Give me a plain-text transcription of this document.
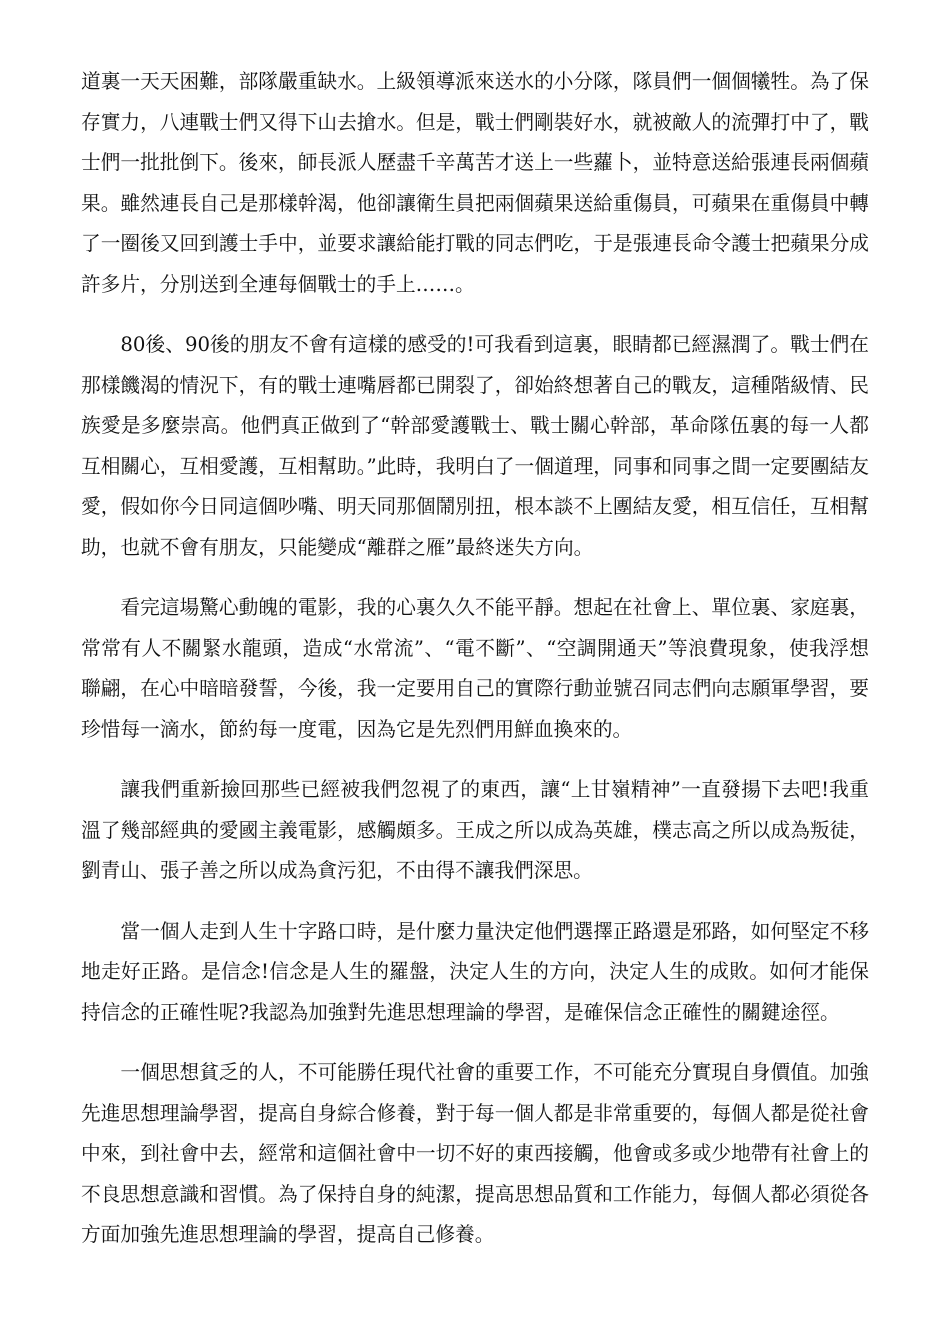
道裏一天天困難，部隊嚴重缺水。上級領導派來送水的小分隊，隊員們一個個犧牲。為了保存實力，八連戰士們又得下山去搶水。但是，戰士們剛裝好水，就被敵人的流彈打中了，戰士們一批批倒下。後來，師長派人歷盡千辛萬苦才送上一些蘿卜，並特意送給張連長兩個蘋果。雖然連長自己是那樣幹渴，他卻讓衛生員把兩個蘋果送給重傷員，可蘋果在重傷員中轉了一圈後又回到護士手中，並要求讓給能打戰的同志們吃，于是張連長命令護士把蘋果分成許多片，分別送到全連每個戰士的手上……。

80後、90後的朋友不會有這樣的感受的!可我看到這裏，眼睛都已經濕潤了。戰士們在那樣饑渴的情況下，有的戰士連嘴唇都已開裂了，卻始終想著自己的戰友，這種階級情、民族愛是多麼崇高。他們真正做到了“幹部愛護戰士、戰士關心幹部，革命隊伍裏的每一人都互相關心，互相愛護，互相幫助。”此時，我明白了一個道理，同事和同事之間一定要團結友愛，假如你今日同這個吵嘴、明天同那個鬧別扭，根本談不上團結友愛，相互信任，互相幫助，也就不會有朋友，只能變成“離群之雁”最終迷失方向。

看完這場驚心動魄的電影，我的心裏久久不能平靜。想起在社會上、單位裏、家庭裏，常常有人不關緊水龍頭，造成“水常流”、“電不斷”、“空調開通天”等浪費現象，使我浮想聯翩，在心中暗暗發誓，今後，我一定要用自己的實際行動並號召同志們向志願軍學習，要珍惜每一滴水，節約每一度電，因為它是先烈們用鮮血換來的。

讓我們重新撿回那些已經被我們忽視了的東西，讓“上甘嶺精神”一直發揚下去吧!我重溫了幾部經典的愛國主義電影，感觸頗多。王成之所以成為英雄，樸志高之所以成為叛徒，劉青山、張子善之所以成為貪污犯，不由得不讓我們深思。

當一個人走到人生十字路口時，是什麼力量決定他們選擇正路還是邪路，如何堅定不移地走好正路。是信念!信念是人生的羅盤，決定人生的方向，決定人生的成敗。如何才能保持信念的正確性呢?我認為加強對先進思想理論的學習，是確保信念正確性的關鍵途徑。

一個思想貧乏的人，不可能勝任現代社會的重要工作，不可能充分實現自身價值。加強先進思想理論學習，提高自身綜合修養，對于每一個人都是非常重要的，每個人都是從社會中來，到社會中去，經常和這個社會中一切不好的東西接觸，他會或多或少地帶有社會上的不良思想意識和習慣。為了保持自身的純潔，提高思想品質和工作能力，每個人都必須從各方面加強先進思想理論的學習，提高自己修養。
